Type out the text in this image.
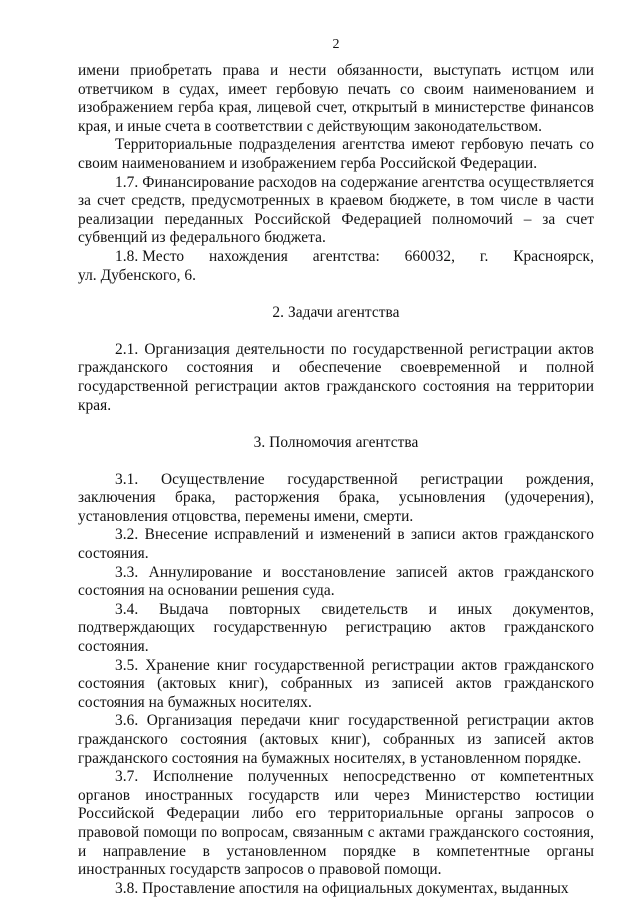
2

имени приобретать права и нести обязанности, выступать истцом или ответчиком в судах, имеет гербовую печать со своим наименованием и изображением герба края, лицевой счет, открытый в министерстве финансов края, и иные счета в соответствии с действующим законодательством.

Территориальные подразделения агентства имеют гербовую печать со своим наименованием и изображением герба Российской Федерации.

1.7. Финансирование расходов на содержание агентства осуществляется за счет средств, предусмотренных в краевом бюджете, в том числе в части реализации переданных Российской Федерацией полномочий – за счет субвенций из федерального бюджета.

1.8. Место нахождения агентства: 660032, г. Красноярск,
ул. Дубенского, 6.

2. Задачи агентства

2.1. Организация деятельности по государственной регистрации актов гражданского состояния и обеспечение своевременной и полной государственной регистрации актов гражданского состояния на территории края.

3. Полномочия агентства

3.1. Осуществление государственной регистрации рождения, заключения брака, расторжения брака, усыновления (удочерения), установления отцовства, перемены имени, смерти.

3.2. Внесение исправлений и изменений в записи актов гражданского состояния.

3.3. Аннулирование и восстановление записей актов гражданского состояния на основании решения суда.

3.4. Выдача повторных свидетельств и иных документов, подтверждающих государственную регистрацию актов гражданского состояния.

3.5. Хранение книг государственной регистрации актов гражданского состояния (актовых книг), собранных из записей актов гражданского состояния на бумажных носителях.

3.6. Организация передачи книг государственной регистрации актов гражданского состояния (актовых книг), собранных из записей актов гражданского состояния на бумажных носителях, в установленном порядке.

3.7. Исполнение полученных непосредственно от компетентных органов иностранных государств или через Министерство юстиции Российской Федерации либо его территориальные органы запросов о правовой помощи по вопросам, связанным с актами гражданского состояния, и направление в установленном порядке в компетентные органы иностранных государств запросов о правовой помощи.

3.8. Проставление апостиля на официальных документах, выданных
